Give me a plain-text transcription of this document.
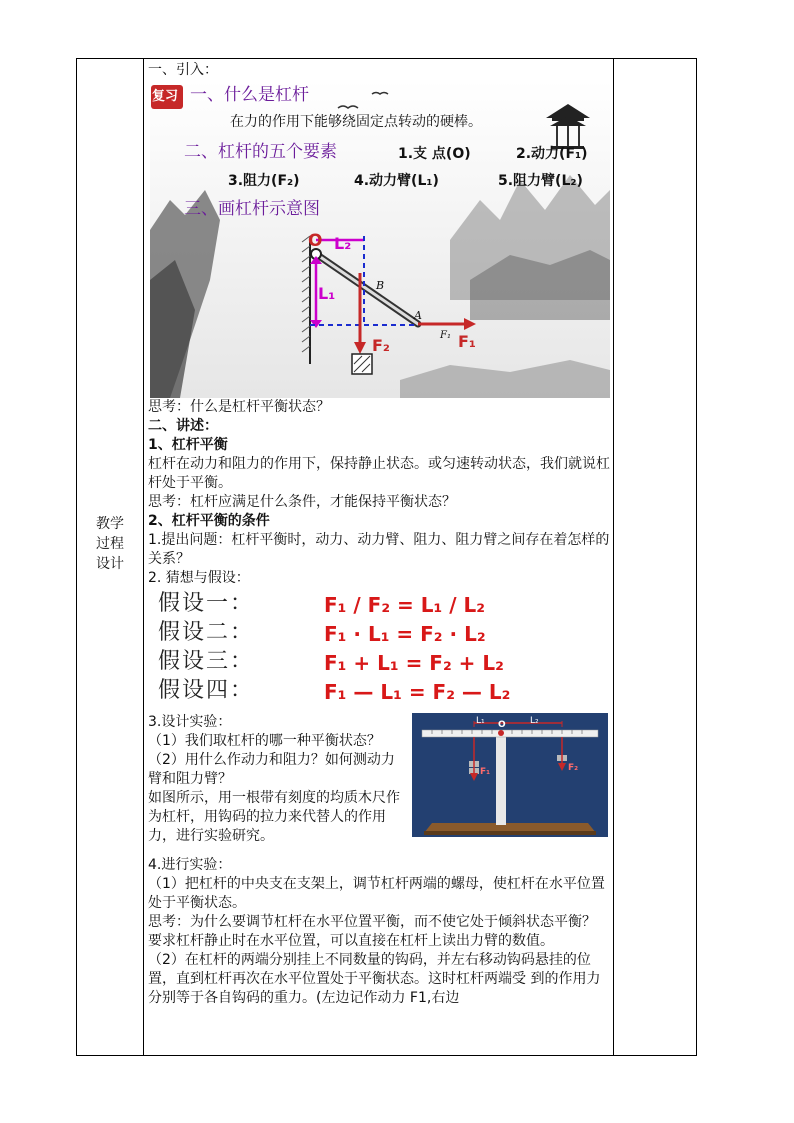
教学
过程
设计
一、引入：
复习 一、什么是杠杆
在力的作用下能够绕固定点转动的硬棒。
二、杠杆的五个要素	1.支 点(O)	2.动力(F₁)
3.阻力(F₂)	4.动力臂(L₁)	5.阻力臂(L₂)
三、画杠杆示意图
O L₂
L₁	B
A
F₁ F₁
F₂
思考：什么是杠杆平衡状态？
二、讲述：
1、杠杆平衡
杠杆在动力和阻力的作用下，保持静止状态。或匀速转动状态，我们就说杠杆处于平衡。
思考：杠杆应满足什么条件，才能保持平衡状态？
2、杠杆平衡的条件
1.提出问题：杠杆平衡时，动力、动力臂、阻力、阻力臂之间存在着怎样的关系？
2. 猜想与假设：
假设一：	F₁ / F₂ = L₁ / L₂
假设二：	F₁ · L₁ = F₂ · L₂
假设三：	F₁ + L₁ = F₂ + L₂
假设四：	F₁ — L₁ = F₂ — L₂
3.设计实验：
（1）我们取杠杆的哪一种平衡状态？
（2）用什么作动力和阻力？如何测动力臂和阻力臂？
如图所示，用一根带有刻度的均质木尺作为杠杆，用钩码的拉力来代替人的作用力，进行实验研究。
L₁ O	L₂
F₁	F₂
4.进行实验：
（1）把杠杆的中央支在支架上，调节杠杆两端的螺母，使杠杆在水平位置处于平衡状态。
思考：为什么要调节杠杆在水平位置平衡，而不使它处于倾斜状态平衡？
要求杠杆静止时在水平位置，可以直接在杠杆上读出力臂的数值。
（2）在杠杆的两端分别挂上不同数量的钩码，并左右移动钩码悬挂的位置，直到杠杆再次在水平位置处于平衡状态。这时杠杆两端受 到的作用力分别等于各自钩码的重力。(左边记作动力 F1,右边
